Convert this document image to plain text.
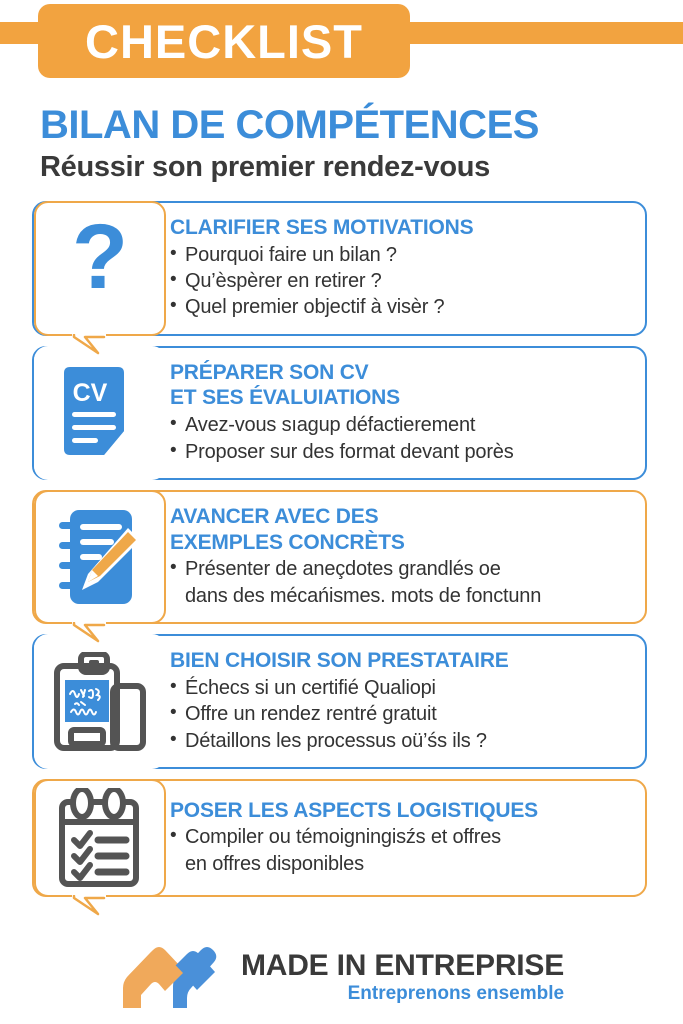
CHECKLIST
BILAN DE COMPÉTENCES
Réussir son premier rendez-vous
CLARIFIER SES MOTIVATIONS
• Pourquoi faire un bilan ?
• Qu’èspèrer en retirer ?
• Quel premier objectif à visèr ?
?
PRÉPARER SON CV
ET SES ÉVALUIATIONS
• Avez-vous sıagup défactierement
• Proposer sur des format devant porès
CV
AVANCER AVEC DES
EXEMPLES CONCRÈTS
• Présenter de aneçdotes grandlés oe
dans des mécańismes. mots de fonctunn
BIEN CHOISIR SON PRESTATAIRE
• Échecs si un certifié Qualiopi
• Offre un rendez rentré gratuit
• Détaillons les processus oü’śs ils ?
POSER LES ASPECTS LOGISTIQUES
• Compiler ou témoigningisźs et offres
en offres disponibles
MADE IN ENTREPRISE
Entreprenons ensemble
